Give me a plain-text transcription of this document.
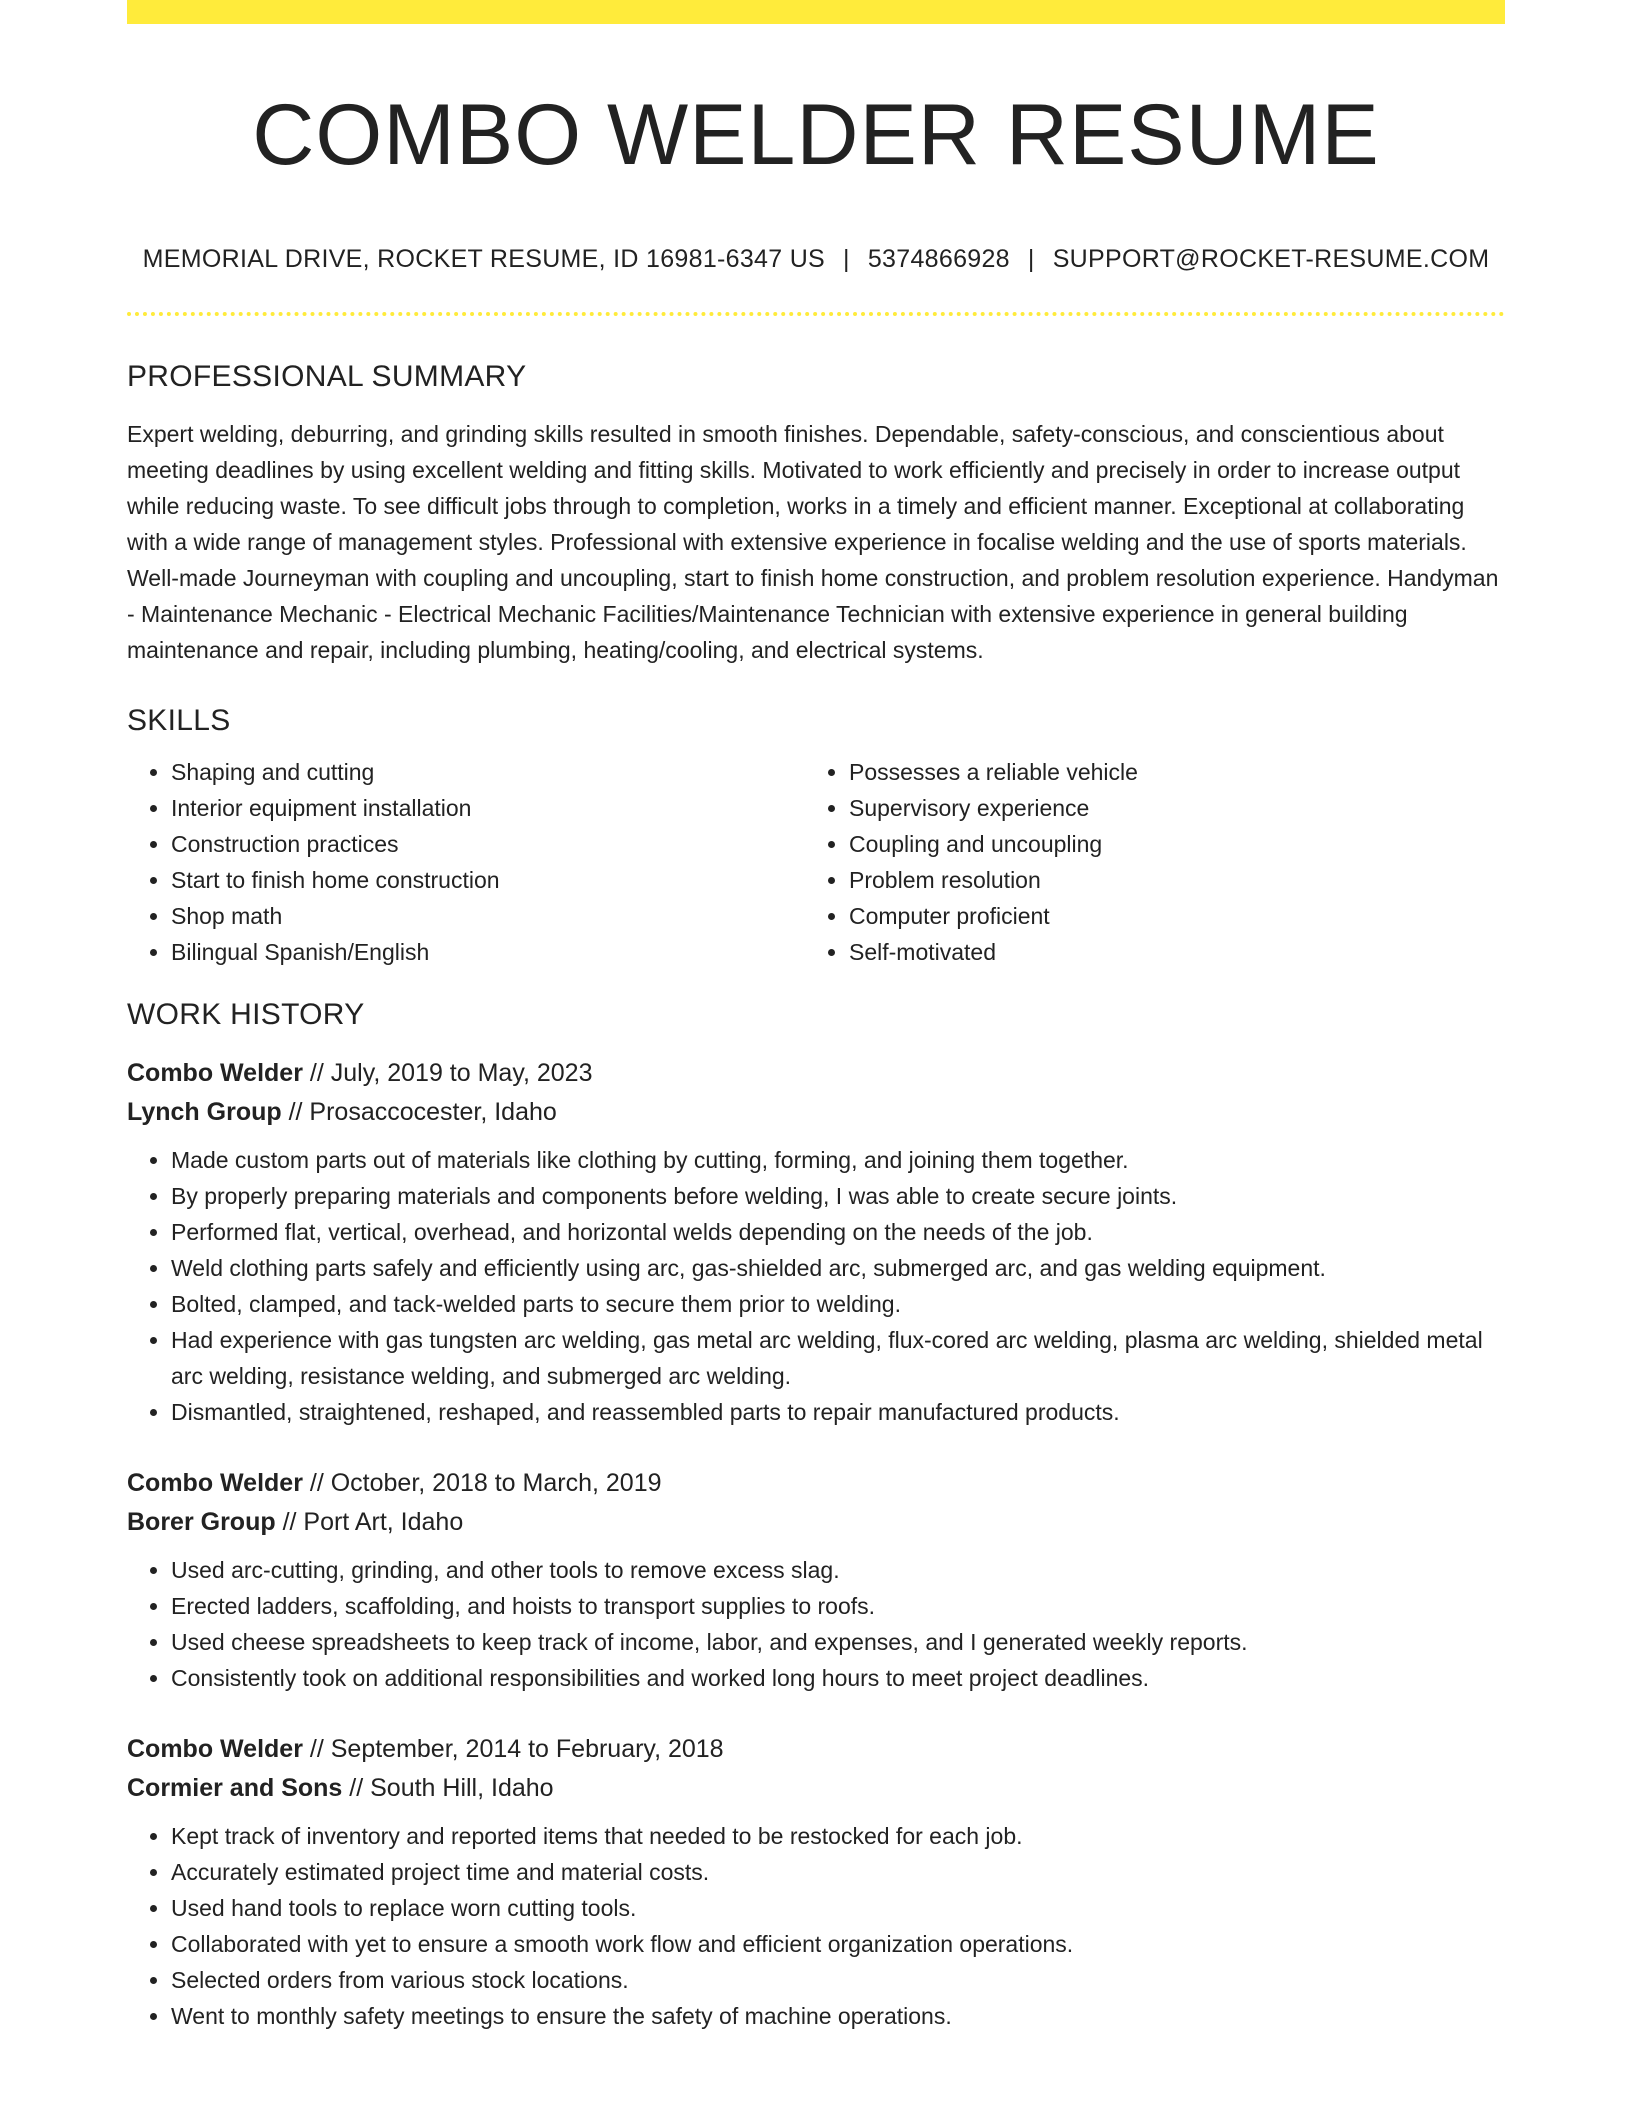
COMBO WELDER RESUME
MEMORIAL DRIVE, ROCKET RESUME, ID 16981-6347 US | 5374866928 | SUPPORT@ROCKET-RESUME.COM
PROFESSIONAL SUMMARY

Expert welding, deburring, and grinding skills resulted in smooth finishes. Dependable, safety-conscious, and conscientious about meeting deadlines by using excellent welding and fitting skills. Motivated to work efficiently and precisely in order to increase output while reducing waste. To see difficult jobs through to completion, works in a timely and efficient manner. Exceptional at collaborating with a wide range of management styles. Professional with extensive experience in focalise welding and the use of sports materials. Well-made Journeyman with coupling and uncoupling, start to finish home construction, and problem resolution experience. Handyman - Maintenance Mechanic - Electrical Mechanic Facilities/Maintenance Technician with extensive experience in general building maintenance and repair, including plumbing, heating/cooling, and electrical systems.

SKILLS
• Shaping and cutting
• Interior equipment installation
• Construction practices
• Start to finish home construction
• Shop math
• Bilingual Spanish/English
• Possesses a reliable vehicle
• Supervisory experience
• Coupling and uncoupling
• Problem resolution
• Computer proficient
• Self-motivated
WORK HISTORY
Combo Welder // July, 2019 to May, 2023
Lynch Group // Prosaccocester, Idaho
• Made custom parts out of materials like clothing by cutting, forming, and joining them together.
• By properly preparing materials and components before welding, I was able to create secure joints.
• Performed flat, vertical, overhead, and horizontal welds depending on the needs of the job.
• Weld clothing parts safely and efficiently using arc, gas-shielded arc, submerged arc, and gas welding equipment.
• Bolted, clamped, and tack-welded parts to secure them prior to welding.
• Had experience with gas tungsten arc welding, gas metal arc welding, flux-cored arc welding, plasma arc welding, shielded metal arc welding, resistance welding, and submerged arc welding.
• Dismantled, straightened, reshaped, and reassembled parts to repair manufactured products.
Combo Welder // October, 2018 to March, 2019
Borer Group // Port Art, Idaho
• Used arc-cutting, grinding, and other tools to remove excess slag.
• Erected ladders, scaffolding, and hoists to transport supplies to roofs.
• Used cheese spreadsheets to keep track of income, labor, and expenses, and I generated weekly reports.
• Consistently took on additional responsibilities and worked long hours to meet project deadlines.
Combo Welder // September, 2014 to February, 2018
Cormier and Sons // South Hill, Idaho
• Kept track of inventory and reported items that needed to be restocked for each job.
• Accurately estimated project time and material costs.
• Used hand tools to replace worn cutting tools.
• Collaborated with yet to ensure a smooth work flow and efficient organization operations.
• Selected orders from various stock locations.
• Went to monthly safety meetings to ensure the safety of machine operations.
